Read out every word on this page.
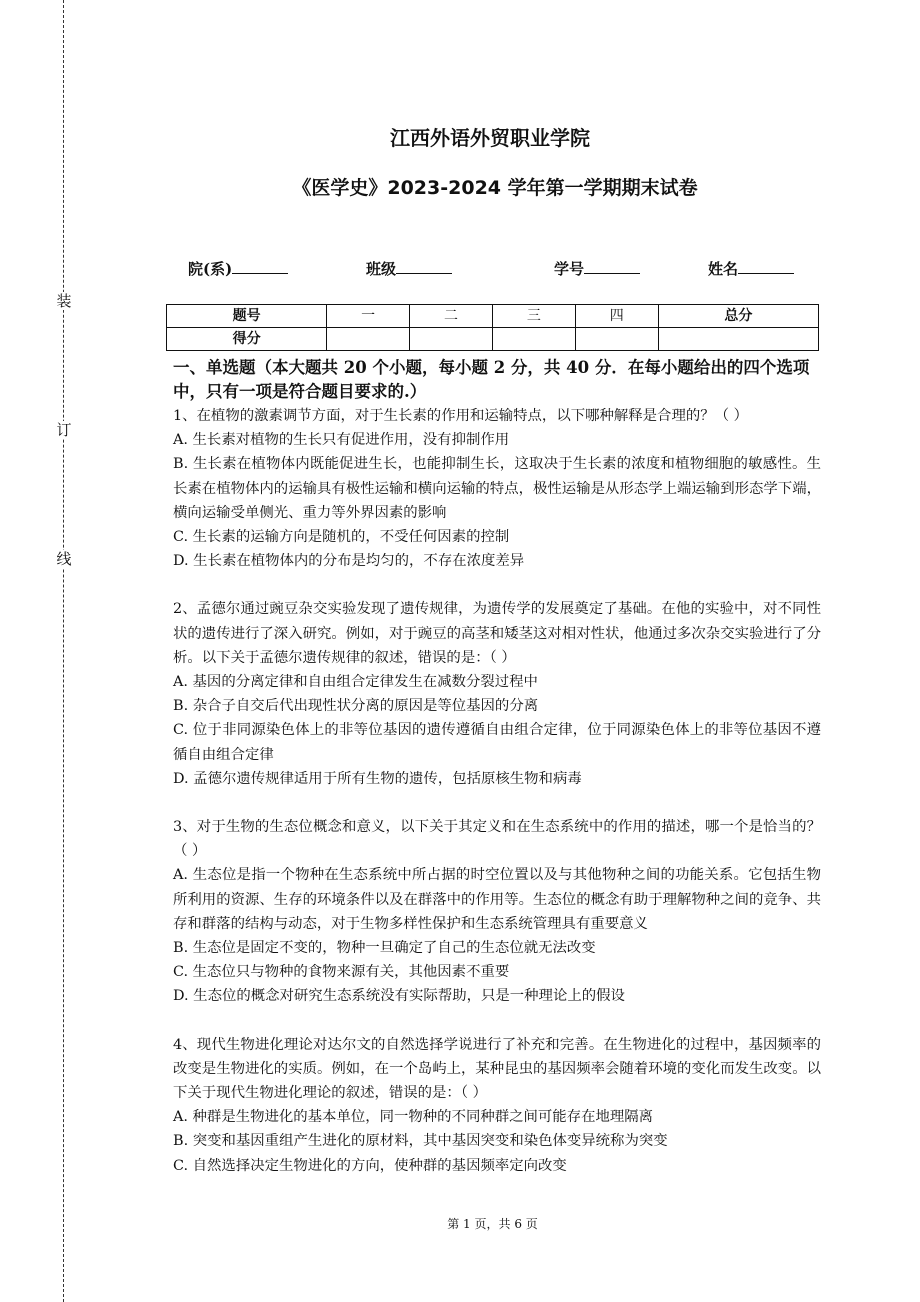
装
订
线
江西外语外贸职业学院
《医学史》2023-2024 学年第一学期期末试卷
院(系)	班级	学号	姓名
题号	一	二	三	四	总分
得分					
一、单选题（本大题共 20 个小题，每小题 2 分，共 40 分．在每小题给出的四个选项中，只有一项是符合题目要求的.）

1、在植物的激素调节方面，对于生长素的作用和运输特点，以下哪种解释是合理的？（ ）

A. 生长素对植物的生长只有促进作用，没有抑制作用

B. 生长素在植物体内既能促进生长，也能抑制生长，这取决于生长素的浓度和植物细胞的敏感性。生长素在植物体内的运输具有极性运输和横向运输的特点，极性运输是从形态学上端运输到形态学下端，横向运输受单侧光、重力等外界因素的影响

C. 生长素的运输方向是随机的，不受任何因素的控制

D. 生长素在植物体内的分布是均匀的，不存在浓度差异

2、孟德尔通过豌豆杂交实验发现了遗传规律，为遗传学的发展奠定了基础。在他的实验中，对不同性状的遗传进行了深入研究。例如，对于豌豆的高茎和矮茎这对相对性状，他通过多次杂交实验进行了分析。以下关于孟德尔遗传规律的叙述，错误的是：（ ）

A. 基因的分离定律和自由组合定律发生在减数分裂过程中

B. 杂合子自交后代出现性状分离的原因是等位基因的分离

C. 位于非同源染色体上的非等位基因的遗传遵循自由组合定律，位于同源染色体上的非等位基因不遵循自由组合定律

D. 孟德尔遗传规律适用于所有生物的遗传，包括原核生物和病毒

3、对于生物的生态位概念和意义，以下关于其定义和在生态系统中的作用的描述，哪一个是恰当的？（ ）

A. 生态位是指一个物种在生态系统中所占据的时空位置以及与其他物种之间的功能关系。它包括生物所利用的资源、生存的环境条件以及在群落中的作用等。生态位的概念有助于理解物种之间的竞争、共存和群落的结构与动态，对于生物多样性保护和生态系统管理具有重要意义

B. 生态位是固定不变的，物种一旦确定了自己的生态位就无法改变

C. 生态位只与物种的食物来源有关，其他因素不重要

D. 生态位的概念对研究生态系统没有实际帮助，只是一种理论上的假设

4、现代生物进化理论对达尔文的自然选择学说进行了补充和完善。在生物进化的过程中，基因频率的改变是生物进化的实质。例如，在一个岛屿上，某种昆虫的基因频率会随着环境的变化而发生改变。以下关于现代生物进化理论的叙述，错误的是：（ ）

A. 种群是生物进化的基本单位，同一物种的不同种群之间可能存在地理隔离

B. 突变和基因重组产生进化的原材料，其中基因突变和染色体变异统称为突变

C. 自然选择决定生物进化的方向，使种群的基因频率定向改变

第 1 页，共 6 页
